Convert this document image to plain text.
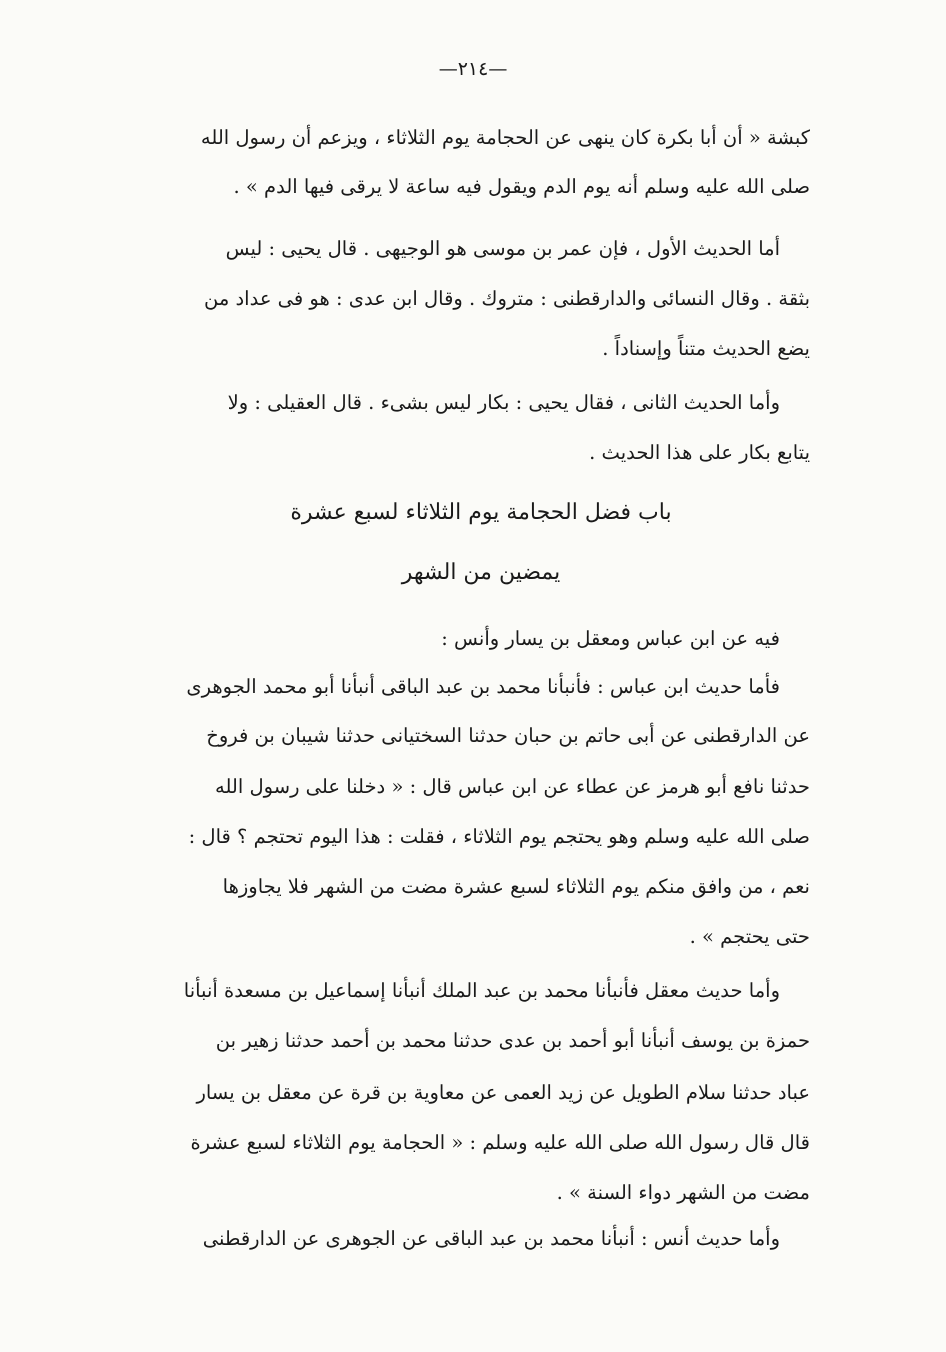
—٢١٤—
كبشة « أن أبا بكرة كان ينهى عن الحجامة يوم الثلاثاء ، ويزعم أن رسول الله
صلى الله عليه وسلم أنه يوم الدم ويقول فيه ساعة لا يرقى فيها الدم » .
أما الحديث الأول ، فإن عمر بن موسى هو الوجيهى . قال يحيى : ليس
بثقة . وقال النسائى والدارقطنى : متروك . وقال ابن عدى : هو فى عداد من
يضع الحديث متناً وإسناداً .
وأما الحديث الثانى ، فقال يحيى : بكار ليس بشىء . قال العقيلى : ولا
يتابع بكار على هذا الحديث .
باب فضل الحجامة يوم الثلاثاء لسبع عشرة
يمضين من الشهر
فيه عن ابن عباس ومعقل بن يسار وأنس :
فأما حديث ابن عباس : فأنبأنا محمد بن عبد الباقى أنبأنا أبو محمد الجوهرى
عن الدارقطنى عن أبى حاتم بن حبان حدثنا السختيانى حدثنا شيبان بن فروخ
حدثنا نافع أبو هرمز عن عطاء عن ابن عباس قال : « دخلنا على رسول الله
صلى الله عليه وسلم وهو يحتجم يوم الثلاثاء ، فقلت : هذا اليوم تحتجم ؟ قال :
نعم ، من وافق منكم يوم الثلاثاء لسبع عشرة مضت من الشهر فلا يجاوزها
حتى يحتجم » .
وأما حديث معقل فأنبأنا محمد بن عبد الملك أنبأنا إسماعيل بن مسعدة أنبأنا
حمزة بن يوسف أنبأنا أبو أحمد بن عدى حدثنا محمد بن أحمد حدثنا زهير بن
عباد حدثنا سلام الطويل عن زيد العمى عن معاوية بن قرة عن معقل بن يسار
قال قال رسول الله صلى الله عليه وسلم : « الحجامة يوم الثلاثاء لسبع عشرة
مضت من الشهر دواء السنة » .
وأما حديث أنس : أنبأنا محمد بن عبد الباقى عن الجوهرى عن الدارقطنى
